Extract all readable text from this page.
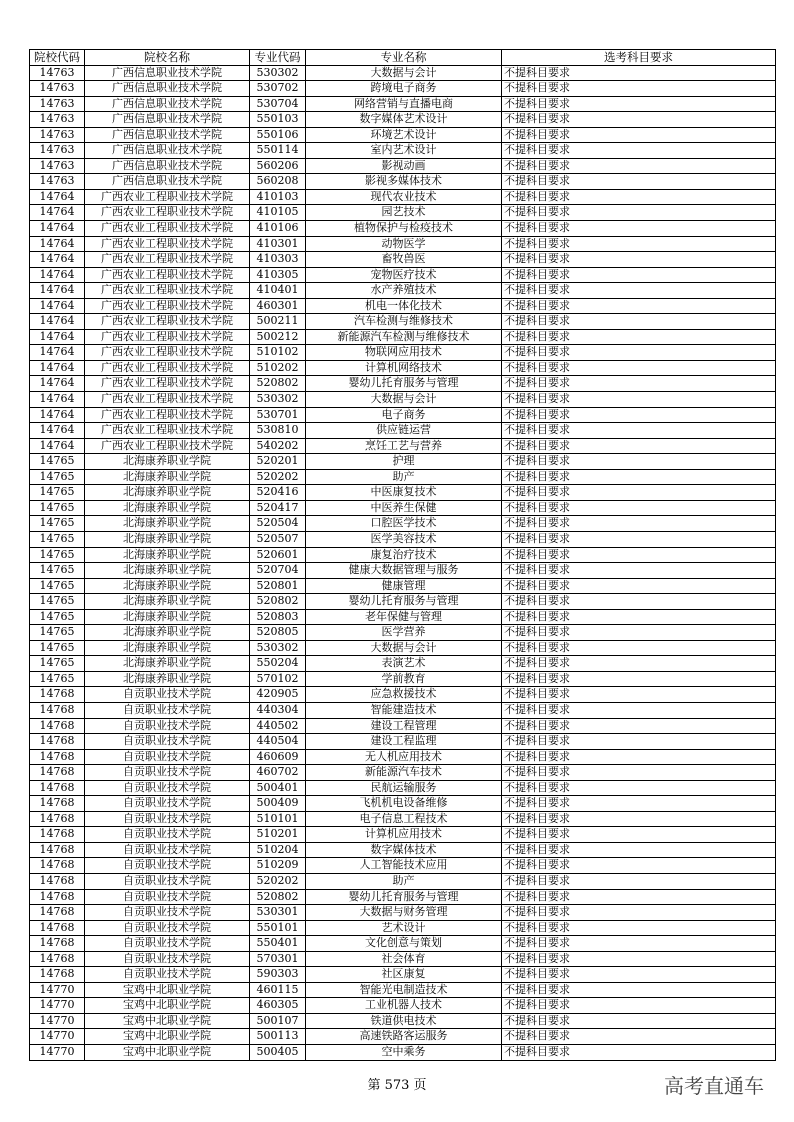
院校代码	院校名称	专业代码	专业名称	选考科目要求
14763	广西信息职业技术学院	530302	大数据与会计	不提科目要求
14763	广西信息职业技术学院	530702	跨境电子商务	不提科目要求
14763	广西信息职业技术学院	530704	网络营销与直播电商	不提科目要求
14763	广西信息职业技术学院	550103	数字媒体艺术设计	不提科目要求
14763	广西信息职业技术学院	550106	环境艺术设计	不提科目要求
14763	广西信息职业技术学院	550114	室内艺术设计	不提科目要求
14763	广西信息职业技术学院	560206	影视动画	不提科目要求
14763	广西信息职业技术学院	560208	影视多媒体技术	不提科目要求
14764	广西农业工程职业技术学院	410103	现代农业技术	不提科目要求
14764	广西农业工程职业技术学院	410105	园艺技术	不提科目要求
14764	广西农业工程职业技术学院	410106	植物保护与检疫技术	不提科目要求
14764	广西农业工程职业技术学院	410301	动物医学	不提科目要求
14764	广西农业工程职业技术学院	410303	畜牧兽医	不提科目要求
14764	广西农业工程职业技术学院	410305	宠物医疗技术	不提科目要求
14764	广西农业工程职业技术学院	410401	水产养殖技术	不提科目要求
14764	广西农业工程职业技术学院	460301	机电一体化技术	不提科目要求
14764	广西农业工程职业技术学院	500211	汽车检测与维修技术	不提科目要求
14764	广西农业工程职业技术学院	500212	新能源汽车检测与维修技术	不提科目要求
14764	广西农业工程职业技术学院	510102	物联网应用技术	不提科目要求
14764	广西农业工程职业技术学院	510202	计算机网络技术	不提科目要求
14764	广西农业工程职业技术学院	520802	婴幼儿托育服务与管理	不提科目要求
14764	广西农业工程职业技术学院	530302	大数据与会计	不提科目要求
14764	广西农业工程职业技术学院	530701	电子商务	不提科目要求
14764	广西农业工程职业技术学院	530810	供应链运营	不提科目要求
14764	广西农业工程职业技术学院	540202	烹饪工艺与营养	不提科目要求
14765	北海康养职业学院	520201	护理	不提科目要求
14765	北海康养职业学院	520202	助产	不提科目要求
14765	北海康养职业学院	520416	中医康复技术	不提科目要求
14765	北海康养职业学院	520417	中医养生保健	不提科目要求
14765	北海康养职业学院	520504	口腔医学技术	不提科目要求
14765	北海康养职业学院	520507	医学美容技术	不提科目要求
14765	北海康养职业学院	520601	康复治疗技术	不提科目要求
14765	北海康养职业学院	520704	健康大数据管理与服务	不提科目要求
14765	北海康养职业学院	520801	健康管理	不提科目要求
14765	北海康养职业学院	520802	婴幼儿托育服务与管理	不提科目要求
14765	北海康养职业学院	520803	老年保健与管理	不提科目要求
14765	北海康养职业学院	520805	医学营养	不提科目要求
14765	北海康养职业学院	530302	大数据与会计	不提科目要求
14765	北海康养职业学院	550204	表演艺术	不提科目要求
14765	北海康养职业学院	570102	学前教育	不提科目要求
14768	自贡职业技术学院	420905	应急救援技术	不提科目要求
14768	自贡职业技术学院	440304	智能建造技术	不提科目要求
14768	自贡职业技术学院	440502	建设工程管理	不提科目要求
14768	自贡职业技术学院	440504	建设工程监理	不提科目要求
14768	自贡职业技术学院	460609	无人机应用技术	不提科目要求
14768	自贡职业技术学院	460702	新能源汽车技术	不提科目要求
14768	自贡职业技术学院	500401	民航运输服务	不提科目要求
14768	自贡职业技术学院	500409	飞机机电设备维修	不提科目要求
14768	自贡职业技术学院	510101	电子信息工程技术	不提科目要求
14768	自贡职业技术学院	510201	计算机应用技术	不提科目要求
14768	自贡职业技术学院	510204	数字媒体技术	不提科目要求
14768	自贡职业技术学院	510209	人工智能技术应用	不提科目要求
14768	自贡职业技术学院	520202	助产	不提科目要求
14768	自贡职业技术学院	520802	婴幼儿托育服务与管理	不提科目要求
14768	自贡职业技术学院	530301	大数据与财务管理	不提科目要求
14768	自贡职业技术学院	550101	艺术设计	不提科目要求
14768	自贡职业技术学院	550401	文化创意与策划	不提科目要求
14768	自贡职业技术学院	570301	社会体育	不提科目要求
14768	自贡职业技术学院	590303	社区康复	不提科目要求
14770	宝鸡中北职业学院	460115	智能光电制造技术	不提科目要求
14770	宝鸡中北职业学院	460305	工业机器人技术	不提科目要求
14770	宝鸡中北职业学院	500107	铁道供电技术	不提科目要求
14770	宝鸡中北职业学院	500113	高速铁路客运服务	不提科目要求
14770	宝鸡中北职业学院	500405	空中乘务	不提科目要求
第 573 页	高考直通车
